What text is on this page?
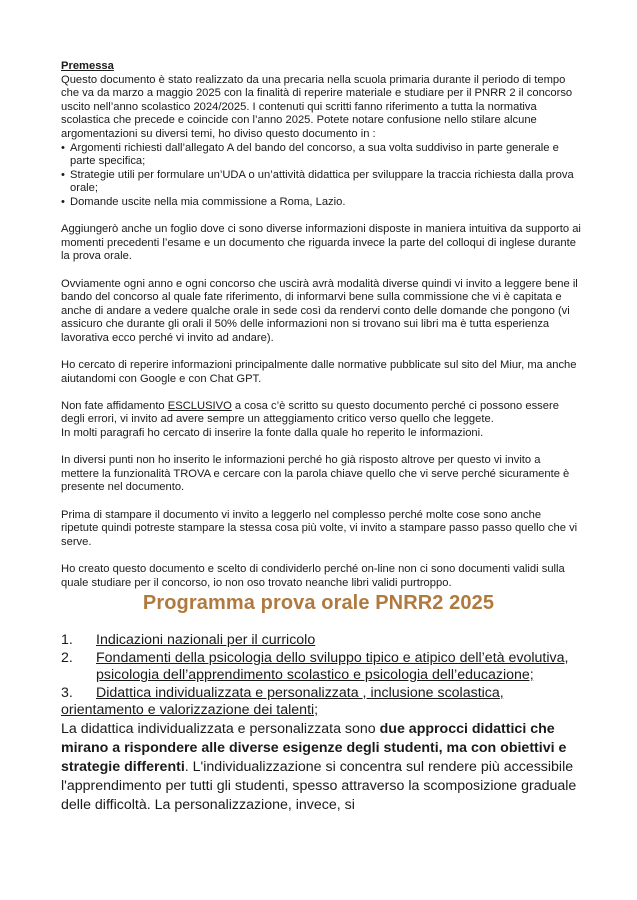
Premessa

Questo documento è stato realizzato da una precaria nella scuola primaria durante il periodo di tempo che va da marzo a maggio 2025 con la finalità di reperire materiale e studiare per il PNRR 2 il concorso uscito nell’anno scolastico 2024/2025. I contenuti qui scritti fanno riferimento a tutta la normativa scolastica che precede e coincide con l’anno 2025. Potete notare confusione nello stilare alcune argomentazioni su diversi temi, ho diviso questo documento in :

• Argomenti richiesti dall’allegato A del bando del concorso, a sua volta suddiviso in parte generale e parte specifica;
• Strategie utili per formulare un’UDA o un’attività didattica per sviluppare la traccia richiesta dalla prova orale;
• Domande uscite nella mia commissione a Roma, Lazio.

Aggiungerò anche un foglio dove ci sono diverse informazioni disposte in maniera intuitiva da supporto ai momenti precedenti l’esame e un documento che riguarda invece la parte del colloqui di inglese durante la prova orale.

Ovviamente ogni anno e ogni concorso che uscirà avrà modalità diverse quindi vi invito a leggere bene il bando del concorso al quale fate riferimento, di informarvi bene sulla commissione che vi è capitata e anche di andare a vedere qualche orale in sede così da rendervi conto delle domande che pongono (vi assicuro che durante gli orali il 50% delle informazioni non si trovano sui libri ma è tutta esperienza lavorativa ecco perché vi invito ad andare).

Ho cercato di reperire informazioni principalmente dalle normative pubblicate sul sito del Miur, ma anche aiutandomi con Google e con Chat GPT.

Non fate affidamento ESCLUSIVO a cosa c’è scritto su questo documento perché ci possono essere degli errori, vi invito ad avere sempre un atteggiamento critico verso quello che leggete.
In molti paragrafi ho cercato di inserire la fonte dalla quale ho reperito le informazioni.

In diversi punti non ho inserito le informazioni perché ho già risposto altrove per questo vi invito a mettere la funzionalità TROVA e cercare con la parola chiave quello che vi serve perché sicuramente è presente nel documento.

Prima di stampare il documento vi invito a leggerlo nel complesso perché molte cose sono anche ripetute quindi potreste stampare la stessa cosa più volte, vi invito a stampare passo passo quello che vi serve.

Ho creato questo documento e scelto di condividerlo perché on-line non ci sono documenti validi sulla quale studiare per il concorso, io non oso trovato neanche libri validi purtroppo.

Programma prova orale PNRR2 2025
1. Indicazioni nazionali per il curricolo
2. Fondamenti della psicologia dello sviluppo tipico e atipico dell’età evolutiva, psicologia dell’apprendimento scolastico e psicologia dell’educazione;
3. Didattica individualizzata e personalizzata , inclusione scolastica, orientamento e valorizzazione dei talenti;

La didattica individualizzata e personalizzata sono due approcci didattici che mirano a rispondere alle diverse esigenze degli studenti, ma con obiettivi e strategie differenti. L'individualizzazione si concentra sul rendere più accessibile l'apprendimento per tutti gli studenti, spesso attraverso la scomposizione graduale delle difficoltà. La personalizzazione, invece, si
